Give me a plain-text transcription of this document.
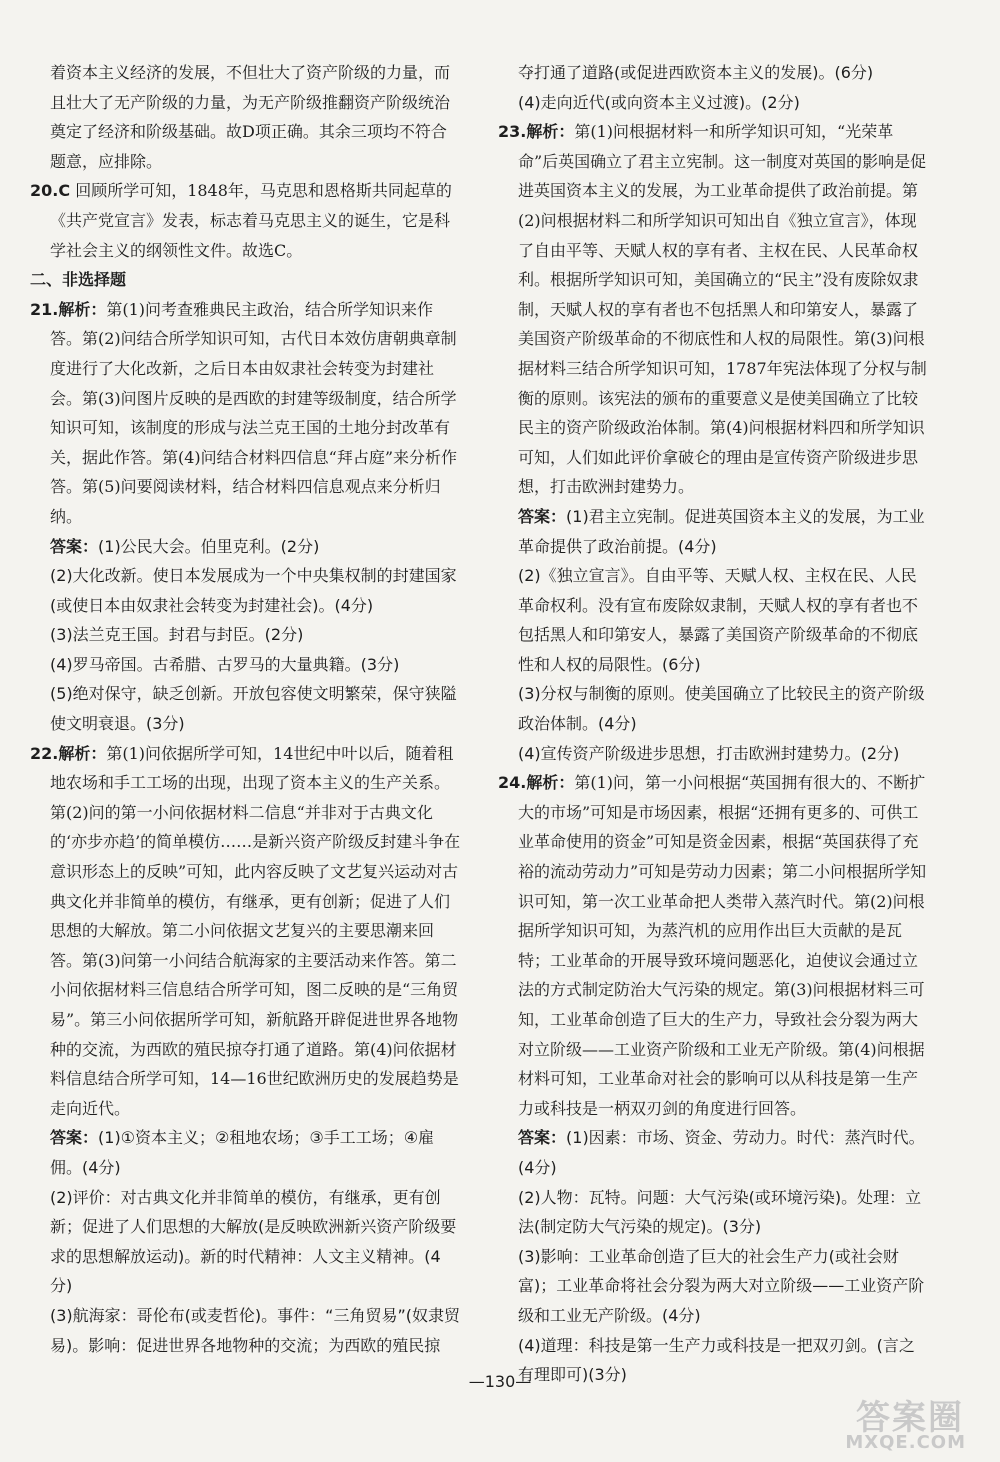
着资本主义经济的发展，不但壮大了资产阶级的力量，而且壮大了无产阶级的力量，为无产阶级推翻资产阶级统治奠定了经济和阶级基础。故D项正确。其余三项均不符合题意，应排除。

20.C 回顾所学可知，1848年，马克思和恩格斯共同起草的《共产党宣言》发表，标志着马克思主义的诞生，它是科学社会主义的纲领性文件。故选C。

二、非选择题

21.解析：第(1)问考查雅典民主政治，结合所学知识来作答。第(2)问结合所学知识可知，古代日本效仿唐朝典章制度进行了大化改新，之后日本由奴隶社会转变为封建社会。第(3)问图片反映的是西欧的封建等级制度，结合所学知识可知，该制度的形成与法兰克王国的土地分封改革有关，据此作答。第(4)问结合材料四信息“拜占庭”来分析作答。第(5)问要阅读材料，结合材料四信息观点来分析归纳。

答案：(1)公民大会。伯里克利。(2分)

(2)大化改新。使日本发展成为一个中央集权制的封建国家(或使日本由奴隶社会转变为封建社会)。(4分)

(3)法兰克王国。封君与封臣。(2分)

(4)罗马帝国。古希腊、古罗马的大量典籍。(3分)

(5)绝对保守，缺乏创新。开放包容使文明繁荣，保守狭隘使文明衰退。(3分)

22.解析：第(1)问依据所学可知，14世纪中叶以后，随着租地农场和手工工场的出现，出现了资本主义的生产关系。第(2)问的第一小问依据材料二信息“并非对于古典文化的‘亦步亦趋’的简单模仿……是新兴资产阶级反封建斗争在意识形态上的反映”可知，此内容反映了文艺复兴运动对古典文化并非简单的模仿，有继承，更有创新；促进了人们思想的大解放。第二小问依据文艺复兴的主要思潮来回答。第(3)问第一小问结合航海家的主要活动来作答。第二小问依据材料三信息结合所学可知，图二反映的是“三角贸易”。第三小问依据所学可知，新航路开辟促进世界各地物种的交流，为西欧的殖民掠夺打通了道路。第(4)问依据材料信息结合所学可知，14—16世纪欧洲历史的发展趋势是走向近代。

答案：(1)①资本主义；②租地农场；③手工工场；④雇佣。(4分)

(2)评价：对古典文化并非简单的模仿，有继承，更有创新；促进了人们思想的大解放(是反映欧洲新兴资产阶级要求的思想解放运动)。新的时代精神：人文主义精神。(4分)

(3)航海家：哥伦布(或麦哲伦)。事件：“三角贸易”(奴隶贸易)。影响：促进世界各地物种的交流；为西欧的殖民掠

夺打通了道路(或促进西欧资本主义的发展)。(6分)

(4)走向近代(或向资本主义过渡)。(2分)

23.解析：第(1)问根据材料一和所学知识可知，“光荣革命”后英国确立了君主立宪制。这一制度对英国的影响是促进英国资本主义的发展，为工业革命提供了政治前提。第(2)问根据材料二和所学知识可知出自《独立宣言》，体现了自由平等、天赋人权的享有者、主权在民、人民革命权利。根据所学知识可知，美国确立的“民主”没有废除奴隶制，天赋人权的享有者也不包括黑人和印第安人，暴露了美国资产阶级革命的不彻底性和人权的局限性。第(3)问根据材料三结合所学知识可知，1787年宪法体现了分权与制衡的原则。该宪法的颁布的重要意义是使美国确立了比较民主的资产阶级政治体制。第(4)问根据材料四和所学知识可知，人们如此评价拿破仑的理由是宣传资产阶级进步思想，打击欧洲封建势力。

答案：(1)君主立宪制。促进英国资本主义的发展，为工业革命提供了政治前提。(4分)

(2)《独立宣言》。自由平等、天赋人权、主权在民、人民革命权利。没有宣布废除奴隶制，天赋人权的享有者也不包括黑人和印第安人，暴露了美国资产阶级革命的不彻底性和人权的局限性。(6分)

(3)分权与制衡的原则。使美国确立了比较民主的资产阶级政治体制。(4分)

(4)宣传资产阶级进步思想，打击欧洲封建势力。(2分)

24.解析：第(1)问，第一小问根据“英国拥有很大的、不断扩大的市场”可知是市场因素，根据“还拥有更多的、可供工业革命使用的资金”可知是资金因素，根据“英国获得了充裕的流动劳动力”可知是劳动力因素；第二小问根据所学知识可知，第一次工业革命把人类带入蒸汽时代。第(2)问根据所学知识可知，为蒸汽机的应用作出巨大贡献的是瓦特；工业革命的开展导致环境问题恶化，迫使议会通过立法的方式制定防治大气污染的规定。第(3)问根据材料三可知，工业革命创造了巨大的生产力，导致社会分裂为两大对立阶级——工业资产阶级和工业无产阶级。第(4)问根据材料可知，工业革命对社会的影响可以从科技是第一生产力或科技是一柄双刃剑的角度进行回答。

答案：(1)因素：市场、资金、劳动力。时代：蒸汽时代。(4分)

(2)人物：瓦特。问题：大气污染(或环境污染)。处理：立法(制定防大气污染的规定)。(3分)

(3)影响：工业革命创造了巨大的社会生产力(或社会财富)；工业革命将社会分裂为两大对立阶级——工业资产阶级和工业无产阶级。(4分)

(4)道理：科技是第一生产力或科技是一把双刃剑。(言之有理即可)(3分)

—130—
答案圈
MXQE.COM
